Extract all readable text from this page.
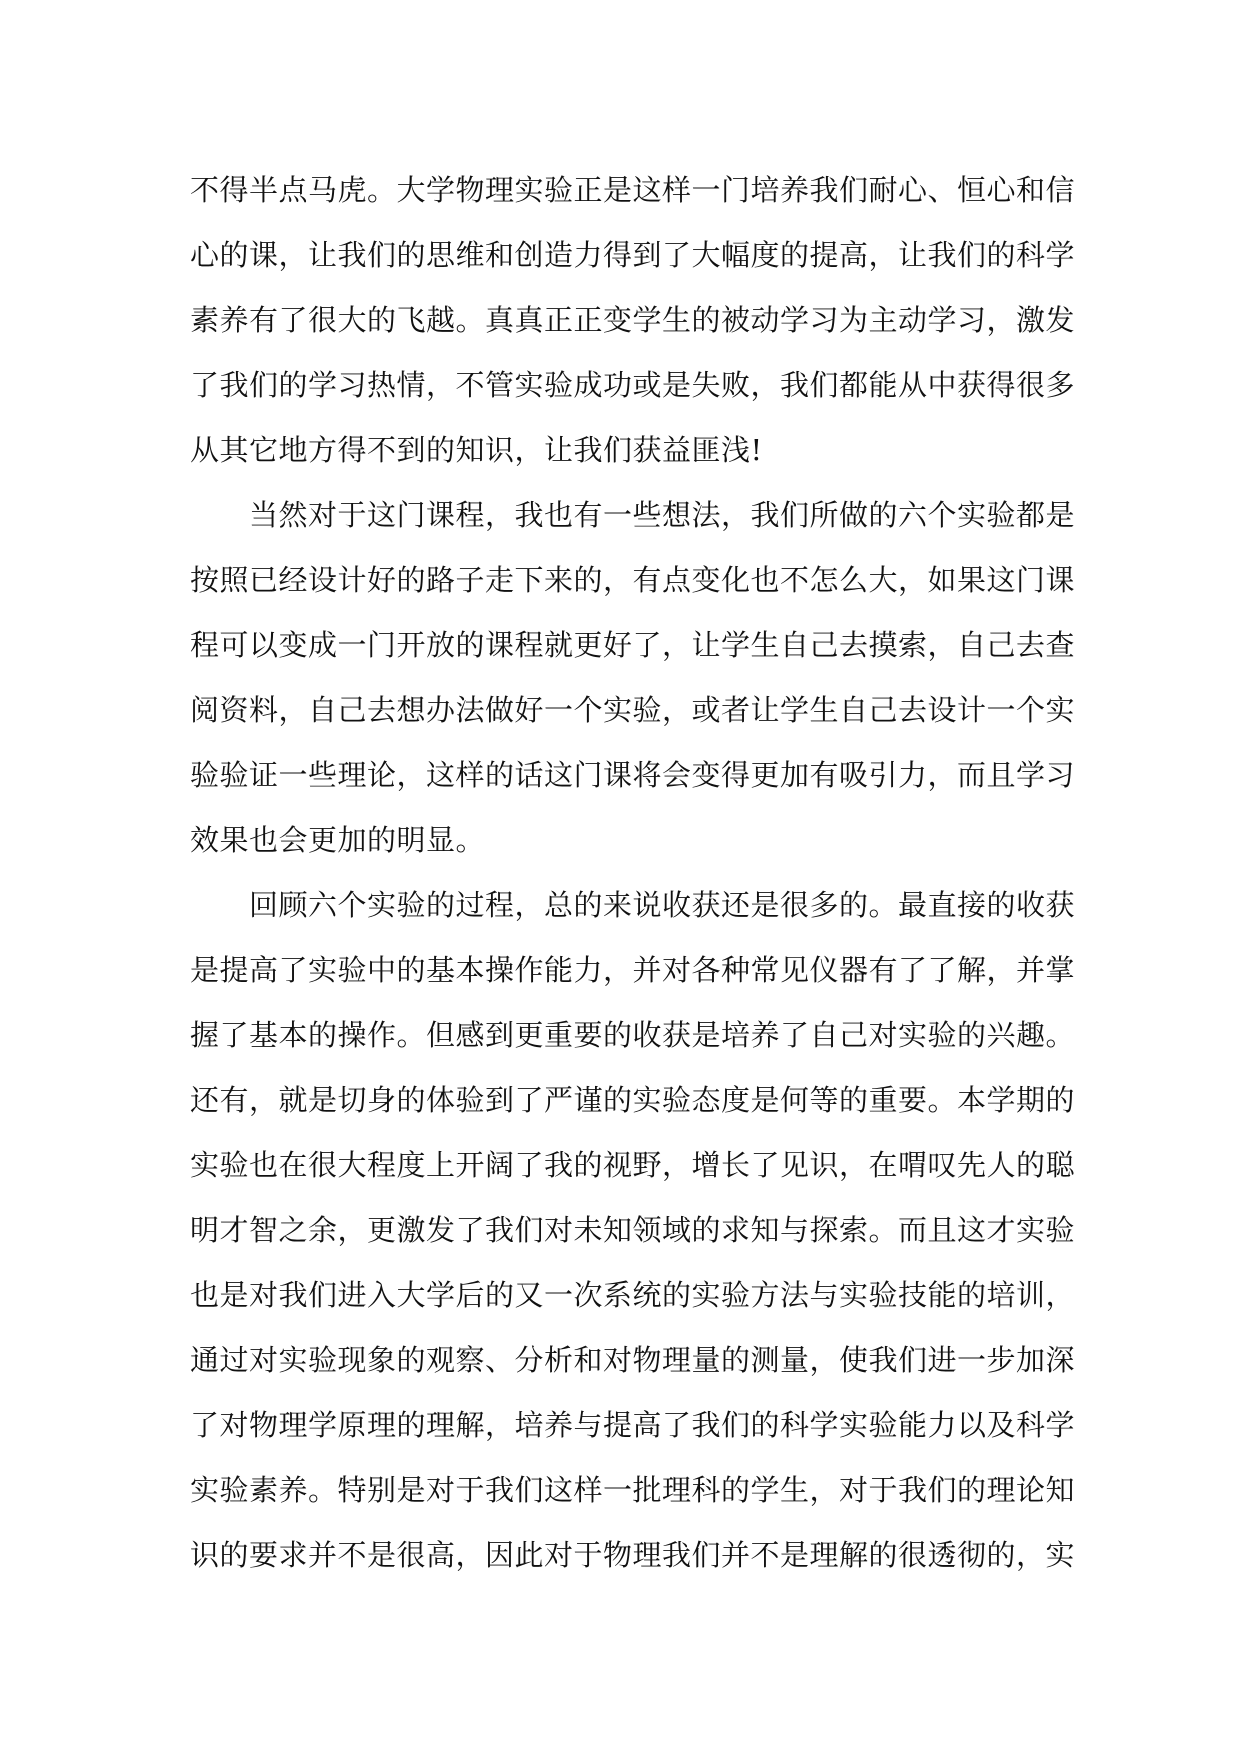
不得半点马虎。大学物理实验正是这样一门培养我们耐心、恒心和信
心的课，让我们的思维和创造力得到了大幅度的提高，让我们的科学
素养有了很大的飞越。真真正正变学生的被动学习为主动学习，激发
了我们的学习热情，不管实验成功或是失败，我们都能从中获得很多
从其它地方得不到的知识，让我们获益匪浅!
　　当然对于这门课程，我也有一些想法，我们所做的六个实验都是
按照已经设计好的路子走下来的，有点变化也不怎么大，如果这门课
程可以变成一门开放的课程就更好了，让学生自己去摸索，自己去查
阅资料，自己去想办法做好一个实验，或者让学生自己去设计一个实
验验证一些理论，这样的话这门课将会变得更加有吸引力，而且学习
效果也会更加的明显。
　　回顾六个实验的过程，总的来说收获还是很多的。最直接的收获
是提高了实验中的基本操作能力，并对各种常见仪器有了了解，并掌
握了基本的操作。但感到更重要的收获是培养了自己对实验的兴趣。
还有，就是切身的体验到了严谨的实验态度是何等的重要。本学期的
实验也在很大程度上开阔了我的视野，增长了见识，在喟叹先人的聪
明才智之余，更激发了我们对未知领域的求知与探索。而且这才实验
也是对我们进入大学后的又一次系统的实验方法与实验技能的培训，
通过对实验现象的观察、分析和对物理量的测量，使我们进一步加深
了对物理学原理的理解，培养与提高了我们的科学实验能力以及科学
实验素养。特别是对于我们这样一批理科的学生，对于我们的理论知
识的要求并不是很高，因此对于物理我们并不是理解的很透彻的，实
